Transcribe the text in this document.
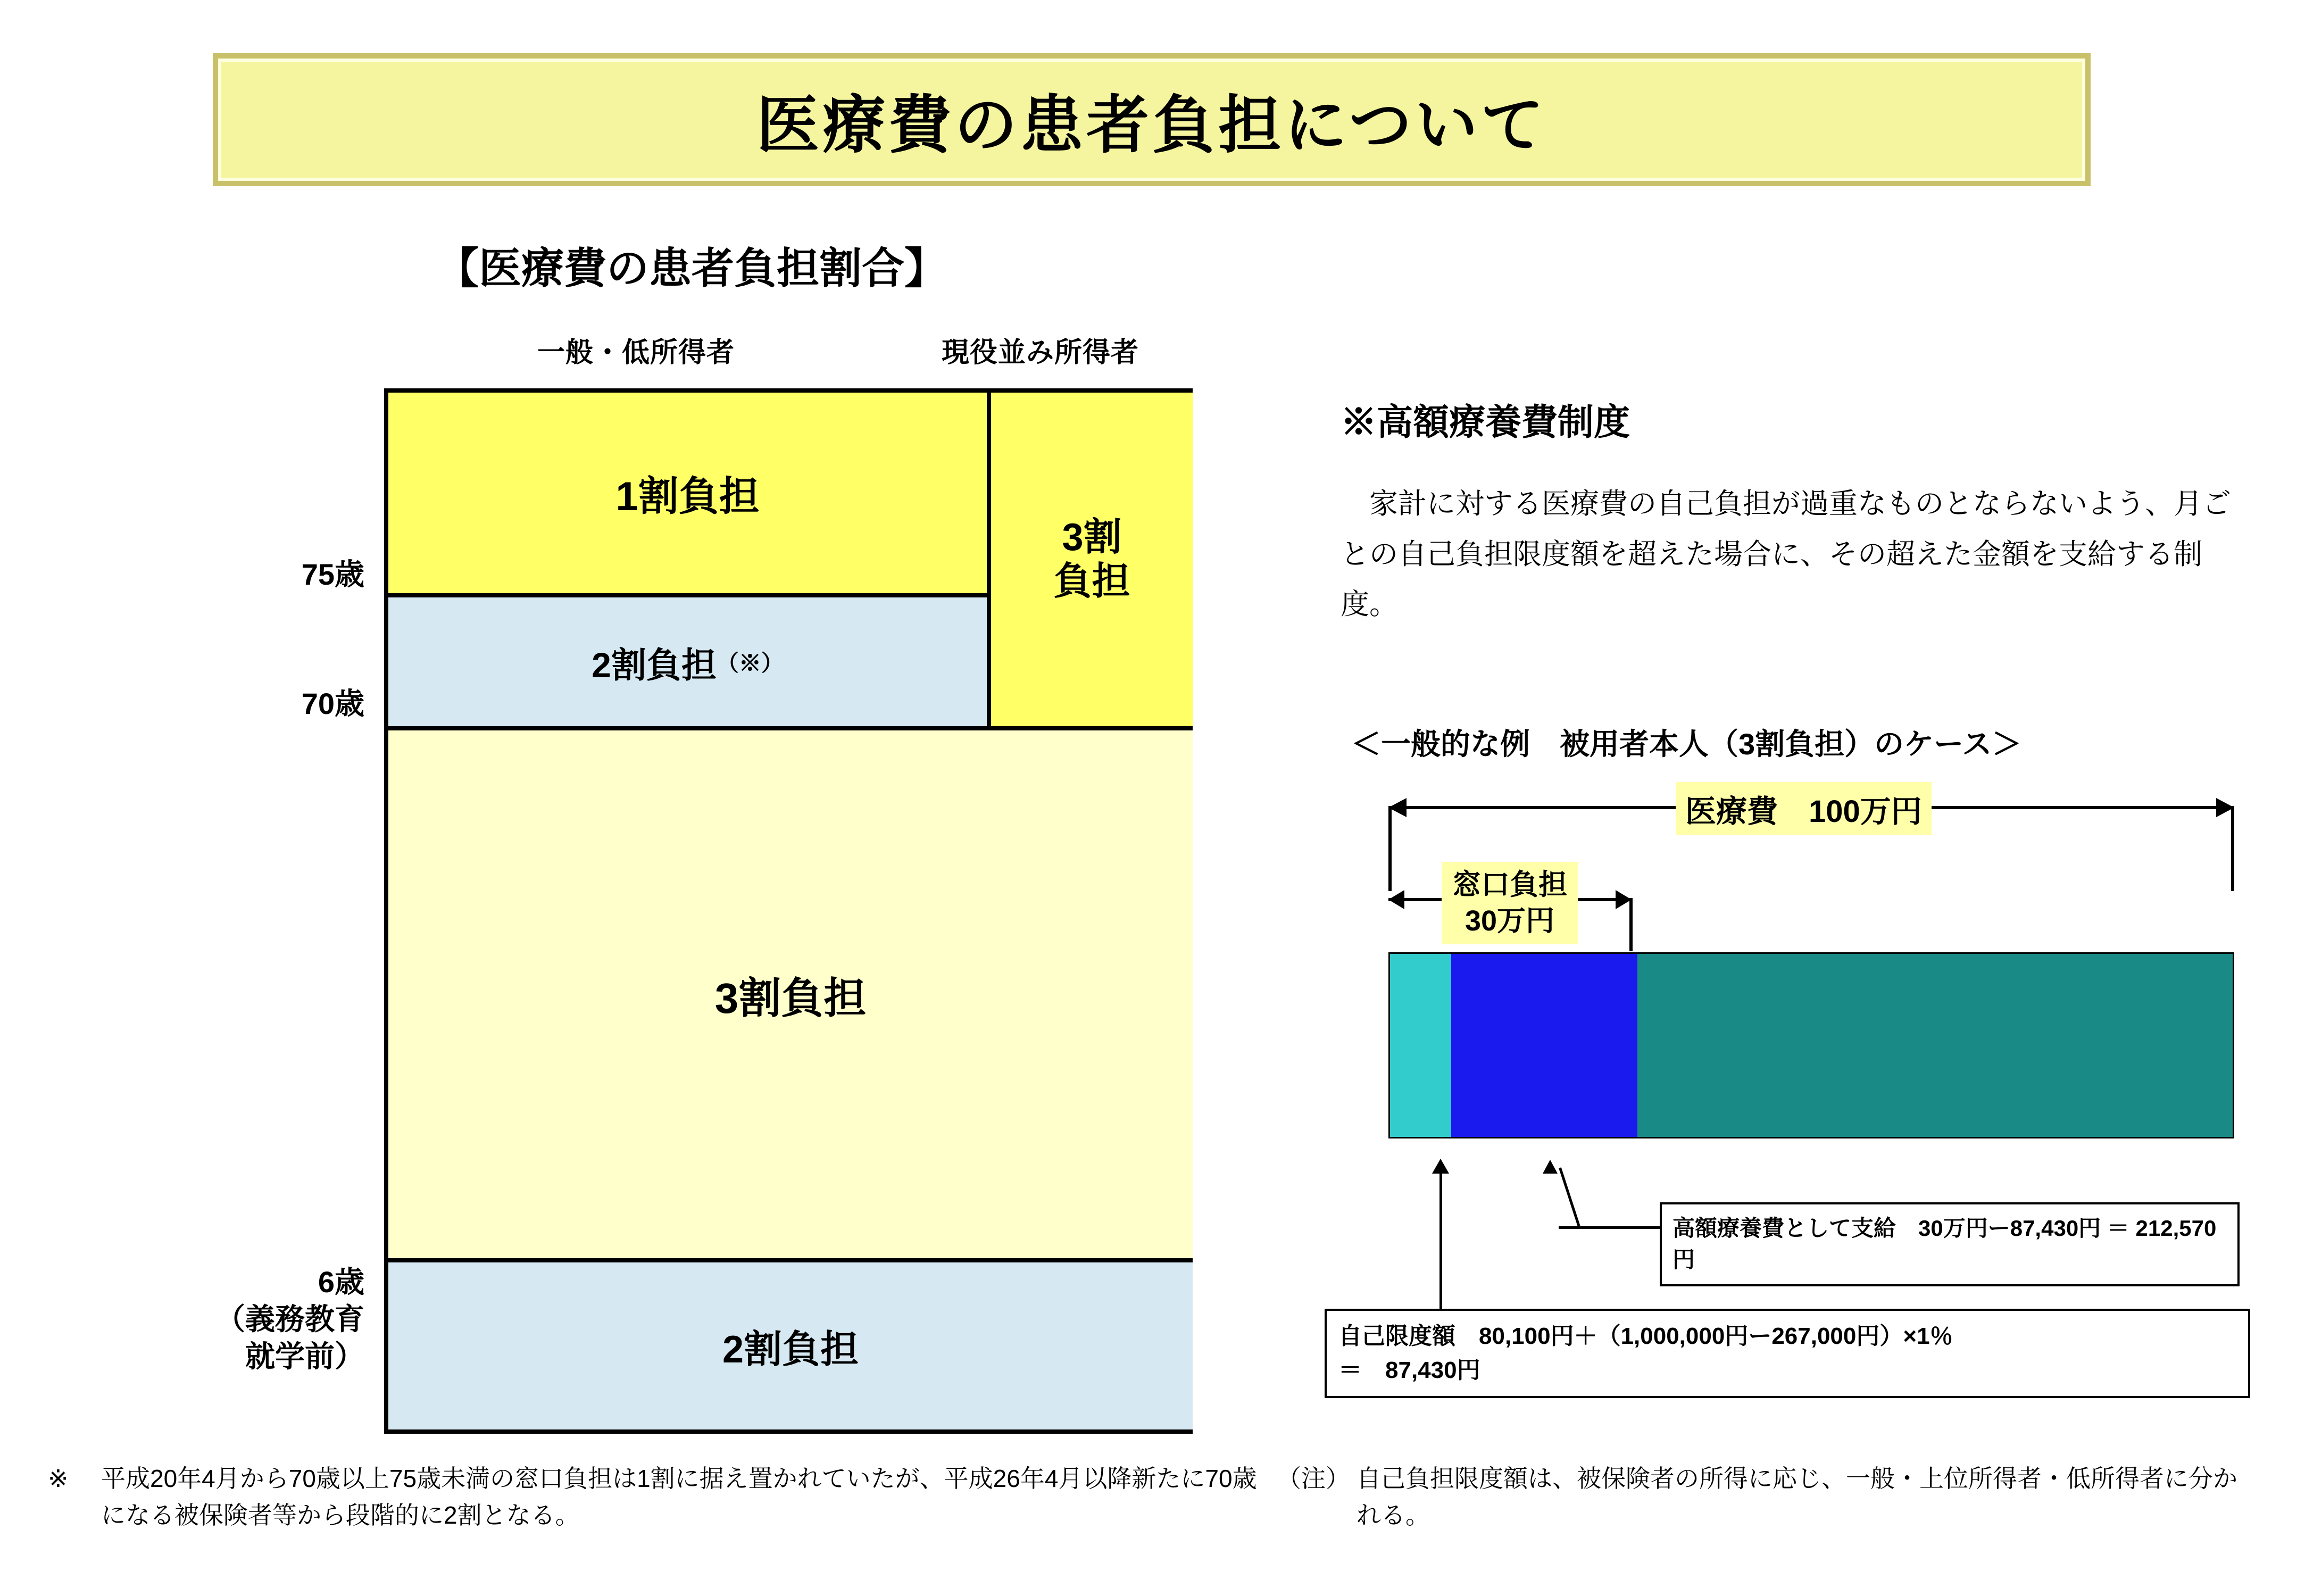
医療費の患者負担について
【医療費の患者負担割合】
一般・低所得者	現役並み所得者
75歳
70歳
6歳
（義務教育
就学前）
1割負担
2割負担 （※）
3割
負担
3割負担
2割負担
※高額療養費制度
家計に対する医療費の自己負担が過重なものとならないよう、月ごとの自己負担限度額を超えた場合に、その超えた金額を支給する制度。
＜一般的な例　被用者本人（3割負担）のケース＞
医療費　100万円
窓口負担
30万円
高額療養費として支給　30万円ー87,430円 ＝ 212,570円
自己限度額　80,100円＋（1,000,000円ー267,000円）×1％
＝　87,430円
※	平成20年4月から70歳以上75歳未満の窓口負担は1割に据え置かれていたが、平成26年4月以降新たに70歳になる被保険者等から段階的に2割となる。
（注） 自己負担限度額は、被保険者の所得に応じ、一般・上位所得者・低所得者に分かれる。
